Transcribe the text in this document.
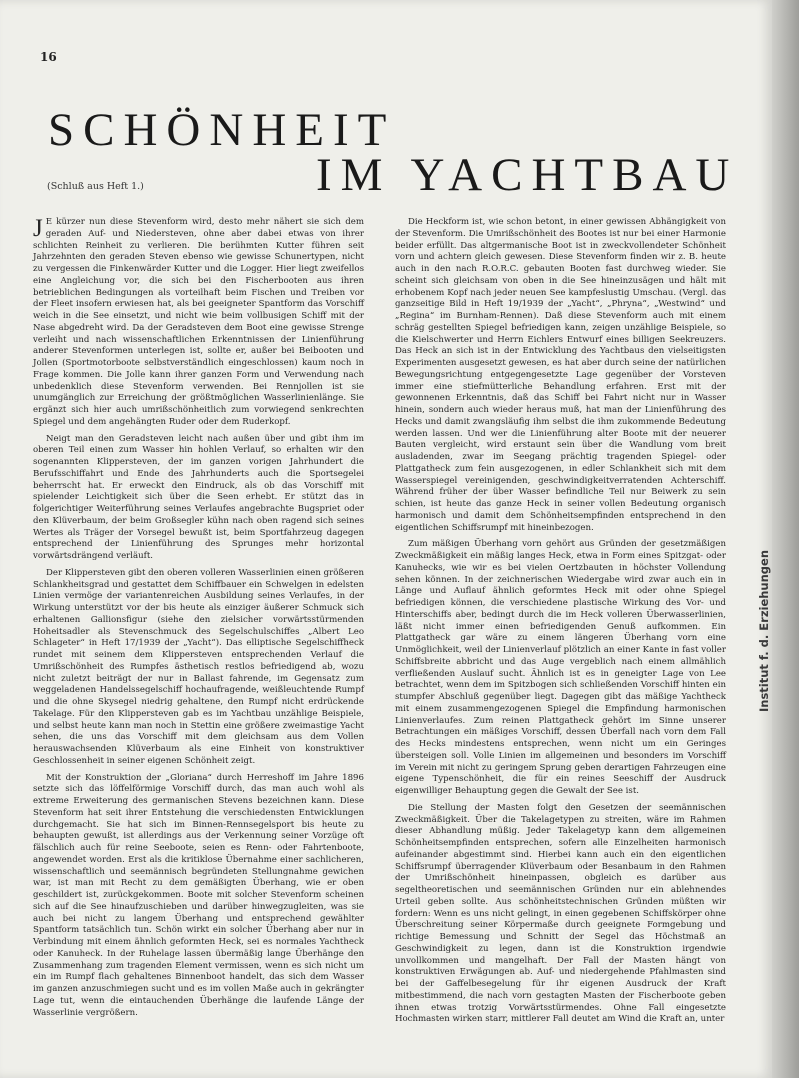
16
SCHÖNHEIT
IM YACHTBAU
(Schluß aus Heft 1.)

J E kürzer nun diese Stevenform wird, desto mehr nähert sie sich dem geraden Auf- und Niedersteven, ohne aber dabei etwas von ihrer schlichten Reinheit zu verlieren. Die berühmten Kutter führen seit Jahrzehnten den geraden Steven ebenso wie gewisse Schunertypen, nicht zu vergessen die Finkenwärder Kutter und die Logger. Hier liegt zweifellos eine Angleichung vor, die sich bei den Fischerbooten aus ihren betrieblichen Bedingungen als vorteilhaft beim Fischen und Treiben vor der Fleet insofern erwiesen hat, als bei geeigneter Spantform das Vorschiff weich in die See einsetzt, und nicht wie beim vollbusigen Schiff mit der Nase abgedreht wird. Da der Geradsteven dem Boot eine gewisse Strenge verleiht und nach wissenschaftlichen Erkenntnissen der Linienführung anderer Stevenformen unterlegen ist, sollte er, außer bei Beibooten und Jollen (Sportmotorboote selbstverständlich eingeschlossen) kaum noch in Frage kommen. Die Jolle kann ihrer ganzen Form und Verwendung nach unbedenklich diese Stevenform verwenden. Bei Rennjollen ist sie unumgänglich zur Erreichung der größtmöglichen Wasserlinienlänge. Sie ergänzt sich hier auch umrißschönheitlich zum vorwiegend senkrechten Spiegel und dem angehängten Ruder oder dem Ruderkopf.

Neigt man den Geradsteven leicht nach außen über und gibt ihm im oberen Teil einen zum Wasser hin hohlen Verlauf, so erhalten wir den sogenannten Klippersteven, der im ganzen vorigen Jahrhundert die Berufsschiffahrt und Ende des Jahrhunderts auch die Sportsegelei beherrscht hat. Er erweckt den Eindruck, als ob das Vorschiff mit spielender Leichtigkeit sich über die Seen erhebt. Er stützt das in folgerichtiger Weiterführung seines Verlaufes angebrachte Bugspriet oder den Klüverbaum, der beim Großsegler kühn nach oben ragend sich seines Wertes als Träger der Vorsegel bewußt ist, beim Sportfahrzeug dagegen entsprechend der Linienführung des Sprunges mehr horizontal vorwärtsdrängend verläuft.

Der Klippersteven gibt den oberen volleren Wasserlinien einen größeren Schlankheitsgrad und gestattet dem Schiffbauer ein Schwelgen in edelsten Linien vermöge der variantenreichen Ausbildung seines Verlaufes, in der Wirkung unterstützt vor der bis heute als einziger äußerer Schmuck sich erhaltenen Gallionsfigur (siehe den zielsicher vorwärtsstürmenden Hoheitsadler als Stevenschmuck des Segelschulschiffes „Albert Leo Schlageter“ in Heft 17/1939 der „Yacht“). Das elliptische Segelschiffheck rundet mit seinem dem Klippersteven entsprechenden Verlauf die Umrißschönheit des Rumpfes ästhetisch restlos befriedigend ab, wozu nicht zuletzt beiträgt der nur in Ballast fahrende, im Gegensatz zum weggeladenen Handelssegelschiff hochaufragende, weißleuchtende Rumpf und die ohne Skysegel niedrig gehaltene, den Rumpf nicht erdrückende Takelage. Für den Klippersteven gab es im Yachtbau unzählige Beispiele, und selbst heute kann man noch in Stettin eine größere zweimastige Yacht sehen, die uns das Vorschiff mit dem gleichsam aus dem Vollen herauswachsenden Klüverbaum als eine Einheit von konstruktiver Geschlossenheit in seiner eigenen Schönheit zeigt.

Mit der Konstruktion der „Gloriana“ durch Herreshoff im Jahre 1896 setzte sich das löffelförmige Vorschiff durch, das man auch wohl als extreme Erweiterung des germanischen Stevens bezeichnen kann. Diese Stevenform hat seit ihrer Entstehung die verschiedensten Entwicklungen durchgemacht. Sie hat sich im Binnen-Rennsegelsport bis heute zu behaupten gewußt, ist allerdings aus der Verkennung seiner Vorzüge oft fälschlich auch für reine Seeboote, seien es Renn- oder Fahrtenboote, angewendet worden. Erst als die kritiklose Übernahme einer sachlicheren, wissenschaftlich und seemännisch begründeten Stellungnahme gewichen war, ist man mit Recht zu dem gemäßigten Überhang, wie er oben geschildert ist, zurückgekommen. Boote mit solcher Stevenform scheinen sich auf die See hinaufzuschieben und darüber hinwegzugleiten, was sie auch bei nicht zu langem Überhang und entsprechend gewählter Spantform tatsächlich tun. Schön wirkt ein solcher Überhang aber nur in Verbindung mit einem ähnlich geformten Heck, sei es normales Yachtheck oder Kanuheck. In der Ruhelage lassen übermäßig lange Überhänge den Zusammenhang zum tragenden Element vermissen, wenn es sich nicht um ein im Rumpf flach gehaltenes Binnenboot handelt, das sich dem Wasser im ganzen anzuschmiegen sucht und es im vollen Maße auch in gekrängter Lage tut, wenn die eintauchenden Überhänge die laufende Länge der Wasserlinie vergrößern.

Die Heckform ist, wie schon betont, in einer gewissen Abhängigkeit von der Stevenform. Die Umrißschönheit des Bootes ist nur bei einer Harmonie beider erfüllt. Das altgermanische Boot ist in zweckvollendeter Schönheit vorn und achtern gleich gewesen. Diese Stevenform finden wir z. B. heute auch in den nach R.O.R.C. gebauten Booten fast durchweg wieder. Sie scheint sich gleichsam von oben in die See hineinzusägen und hält mit erhobenem Kopf nach jeder neuen See kampfeslustig Umschau. (Vergl. das ganzseitige Bild in Heft 19/1939 der „Yacht“, „Phryna“, „Westwind“ und „Regina“ im Burnham-Rennen). Daß diese Stevenform auch mit einem schräg gestellten Spiegel befriedigen kann, zeigen unzählige Beispiele, so die Kielschwerter und Herrn Eichlers Entwurf eines billigen Seekreuzers. Das Heck an sich ist in der Entwicklung des Yachtbaus den vielseitigsten Experimenten ausgesetzt gewesen, es hat aber durch seine der natürlichen Bewegungsrichtung entgegengesetzte Lage gegenüber der Vorsteven immer eine stiefmütterliche Behandlung erfahren. Erst mit der gewonnenen Erkenntnis, daß das Schiff bei Fahrt nicht nur in Wasser hinein, sondern auch wieder heraus muß, hat man der Linienführung des Hecks und damit zwangsläufig ihm selbst die ihm zukommende Bedeutung werden lassen. Und wer die Linienführung alter Boote mit der neuerer Bauten vergleicht, wird erstaunt sein über die Wandlung vom breit ausladenden, zwar im Seegang prächtig tragenden Spiegel- oder Plattgatheck zum fein ausgezogenen, in edler Schlankheit sich mit dem Wasserspiegel vereinigenden, geschwindigkeitverratenden Achterschiff. Während früher der über Wasser befindliche Teil nur Beiwerk zu sein schien, ist heute das ganze Heck in seiner vollen Bedeutung organisch harmonisch und damit dem Schönheitsempfinden entsprechend in den eigentlichen Schiffsrumpf mit hineinbezogen.

Zum mäßigen Überhang vorn gehört aus Gründen der gesetzmäßigen Zweckmäßigkeit ein mäßig langes Heck, etwa in Form eines Spitzgat- oder Kanuhecks, wie wir es bei vielen Oertzbauten in höchster Vollendung sehen können. In der zeichnerischen Wiedergabe wird zwar auch ein in Länge und Auflauf ähnlich geformtes Heck mit oder ohne Spiegel befriedigen können, die verschiedene plastische Wirkung des Vor- und Hinterschiffs aber, bedingt durch die im Heck volleren Überwasserlinien, läßt nicht immer einen befriedigenden Genuß aufkommen. Ein Plattgatheck gar wäre zu einem längeren Überhang vorn eine Unmöglichkeit, weil der Linienverlauf plötzlich an einer Kante in fast voller Schiffsbreite abbricht und das Auge vergeblich nach einem allmählich verfließenden Auslauf sucht. Ähnlich ist es in geneigter Lage von Lee betrachtet, wenn dem im Spitzbogen sich schließenden Vorschiff hinten ein stumpfer Abschluß gegenüber liegt. Dagegen gibt das mäßige Yachtheck mit einem zusammengezogenen Spiegel die Empfindung harmonischen Linienverlaufes. Zum reinen Plattgatheck gehört im Sinne unserer Betrachtungen ein mäßiges Vorschiff, dessen Überfall nach vorn dem Fall des Hecks mindestens entsprechen, wenn nicht um ein Geringes übersteigen soll. Volle Linien im allgemeinen und besonders im Vorschiff im Verein mit nicht zu geringem Sprung geben derartigen Fahrzeugen eine eigene Typenschönheit, die für ein reines Seeschiff der Ausdruck eigenwilliger Behauptung gegen die Gewalt der See ist.

Die Stellung der Masten folgt den Gesetzen der seemännischen Zweckmäßigkeit. Über die Takelagetypen zu streiten, wäre im Rahmen dieser Abhandlung müßig. Jeder Takelagetyp kann dem allgemeinen Schönheitsempfinden entsprechen, sofern alle Einzelheiten harmonisch aufeinander abgestimmt sind. Hierbei kann auch ein den eigentlichen Schiffsrumpf überragender Klüverbaum oder Besanbaum in den Rahmen der Umrißschönheit hineinpassen, obgleich es darüber aus segeltheoretischen und seemännischen Gründen nur ein ablehnendes Urteil geben sollte. Aus schönheitstechnischen Gründen müßten wir fordern: Wenn es uns nicht gelingt, in einen gegebenen Schiffskörper ohne Überschreitung seiner Körpermaße durch geeignete Formgebung und richtige Bemessung und Schnitt der Segel das Höchstmaß an Geschwindigkeit zu legen, dann ist die Konstruktion irgendwie unvollkommen und mangelhaft. Der Fall der Masten hängt von konstruktiven Erwägungen ab. Auf- und niedergehende Pfahlmasten sind bei der Gaffelbesegelung für ihr eigenen Ausdruck der Kraft mitbestimmend, die nach vorn gestagten Masten der Fischerboote geben ihnen etwas trotzig Vorwärtsstürmendes. Ohne Fall eingesetzte Hochmasten wirken starr, mittlerer Fall deutet am Wind die Kraft an, unter

Institut f. d. Erziehungen
